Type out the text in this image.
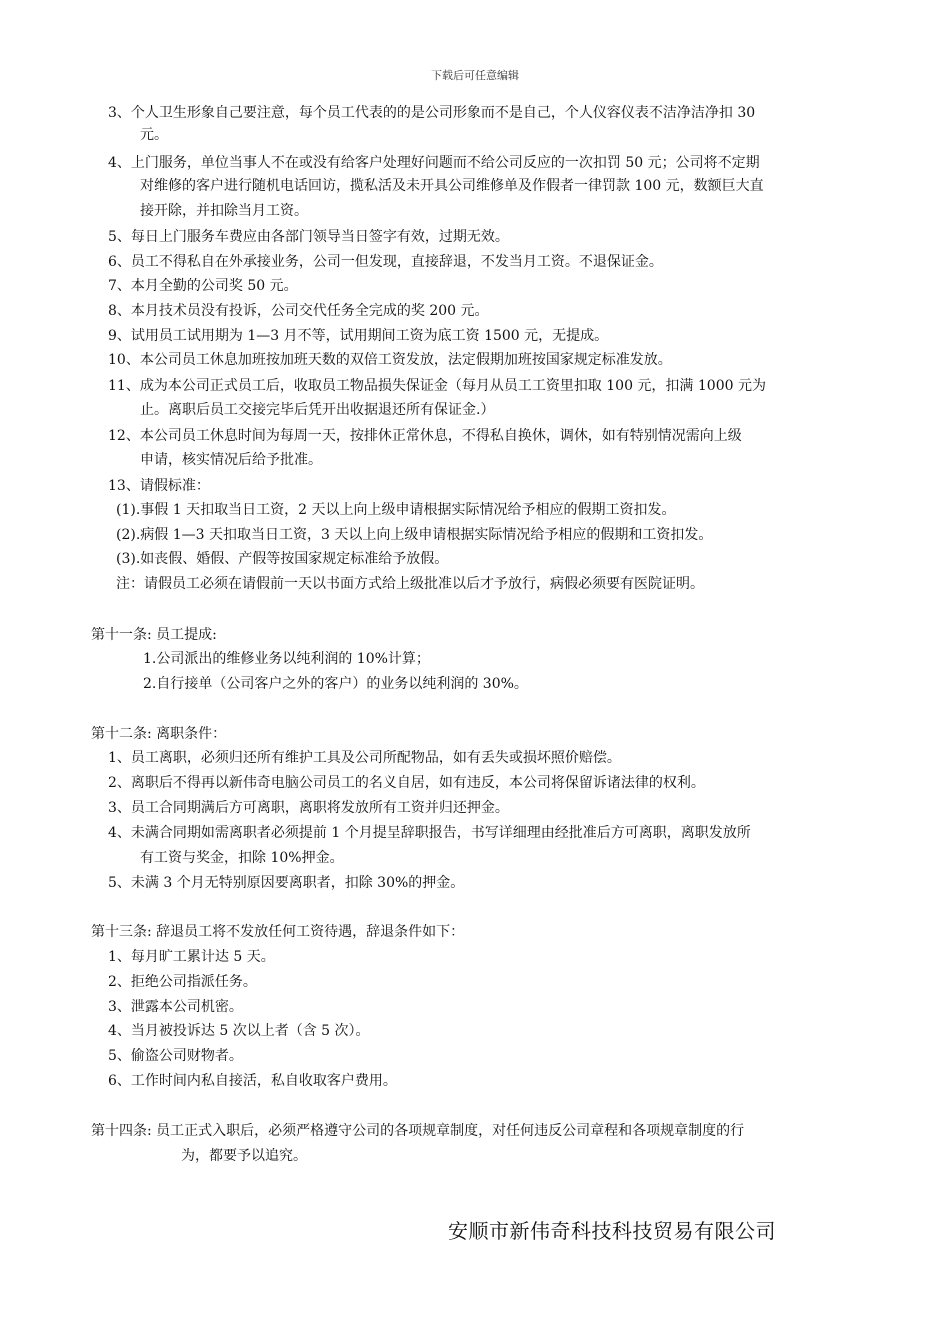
下载后可任意编辑
3、个人卫生形象自己要注意，每个员工代表的的是公司形象而不是自己，个人仪容仪表不洁净洁净扣 30
元。
4、上门服务，单位当事人不在或没有给客户处理好问题而不给公司反应的一次扣罚 50 元；公司将不定期
对维修的客户进行随机电话回访，揽私活及未开具公司维修单及作假者一律罚款 100 元，数额巨大直
接开除，并扣除当月工资。
5、每日上门服务车费应由各部门领导当日签字有效，过期无效。
6、员工不得私自在外承接业务，公司一但发现，直接辞退，不发当月工资。不退保证金。
7、本月全勤的公司奖 50 元。
8、本月技术员没有投诉，公司交代任务全完成的奖 200 元。
9、试用员工试用期为 1—3 月不等，试用期间工资为底工资 1500 元，无提成。
10、本公司员工休息加班按加班天数的双倍工资发放，法定假期加班按国家规定标准发放。
11、成为本公司正式员工后，收取员工物品损失保证金（每月从员工工资里扣取 100 元，扣满 1000 元为
止。离职后员工交接完毕后凭开出收据退还所有保证金.）
12、本公司员工休息时间为每周一天，按排休正常休息，不得私自换休，调休，如有特别情况需向上级
申请，核实情况后给予批准。
13、请假标准：
(1).事假 1 天扣取当日工资，2 天以上向上级申请根据实际情况给予相应的假期工资扣发。
(2).病假 1—3 天扣取当日工资，3 天以上向上级申请根据实际情况给予相应的假期和工资扣发。
(3).如丧假、婚假、产假等按国家规定标准给予放假。
注：请假员工必须在请假前一天以书面方式给上级批准以后才予放行，病假必须要有医院证明。
第十一条: 员工提成:
1.公司派出的维修业务以纯利润的 10%计算；
2.自行接单（公司客户之外的客户）的业务以纯利润的 30%。
第十二条: 离职条件：
1、员工离职，必须归还所有维护工具及公司所配物品，如有丢失或损坏照价赔偿。
2、离职后不得再以新伟奇电脑公司员工的名义自居，如有违反，本公司将保留诉诸法律的权利。
3、员工合同期满后方可离职，离职将发放所有工资并归还押金。
4、未满合同期如需离职者必须提前 1 个月提呈辞职报告，书写详细理由经批准后方可离职，离职发放所
有工资与奖金，扣除 10%押金。
5、未满 3 个月无特别原因要离职者，扣除 30%的押金。
第十三条: 辞退员工将不发放任何工资待遇，辞退条件如下：
1、每月旷工累计达 5 天。
2、拒绝公司指派任务。
3、泄露本公司机密。
4、当月被投诉达 5 次以上者（含 5 次）。
5、偷盗公司财物者。
6、工作时间内私自接活，私自收取客户费用。
第十四条: 员工正式入职后，必须严格遵守公司的各项规章制度，对任何违反公司章程和各项规章制度的行
为，都要予以追究。
安顺市新伟奇科技科技贸易有限公司
